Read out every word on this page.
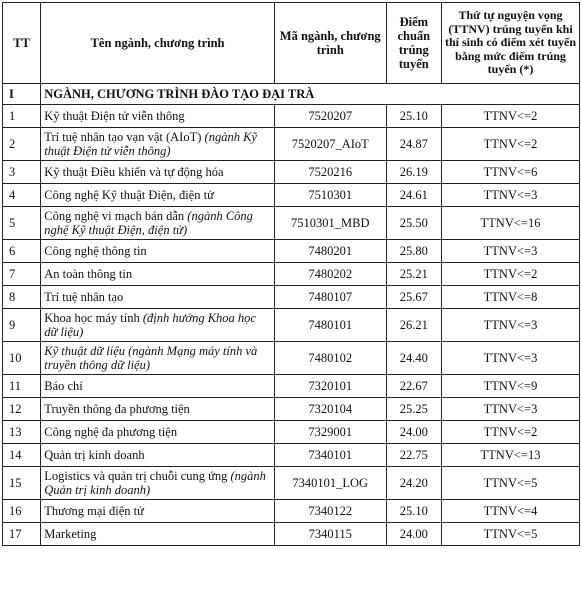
TT	Tên ngành, chương trình	Mã ngành, chương trình	Điểm chuẩn trúng tuyển	Thứ tự nguyện vọng (TTNV) trúng tuyển khi thí sinh có điểm xét tuyển bằng mức điểm trúng tuyển (*)
I	NGÀNH, CHƯƠNG TRÌNH ĐÀO TẠO ĐẠI TRÀ			
1	Kỹ thuật Điện tử viễn thông	7520207	25.10	TTNV<=2
2	Trí tuệ nhân tạo vạn vật (AIoT) (ngành Kỹ thuật Điện tử viễn thông)	7520207_AIoT	24.87	TTNV<=2
3	Kỹ thuật Điều khiển và tự động hóa	7520216	26.19	TTNV<=6
4	Công nghệ Kỹ thuật Điện, điện tử	7510301	24.61	TTNV<=3
5	Công nghệ vi mạch bán dẫn (ngành Công nghệ Kỹ thuật Điện, điện tử)	7510301_MBD	25.50	TTNV<=16
6	Công nghệ thông tin	7480201	25.80	TTNV<=3
7	An toàn thông tin	7480202	25.21	TTNV<=2
8	Trí tuệ nhân tạo	7480107	25.67	TTNV<=8
9	Khoa học máy tính (định hướng Khoa học dữ liệu)	7480101	26.21	TTNV<=3
10	Kỹ thuật dữ liệu (ngành Mạng máy tính và truyền thông dữ liệu)	7480102	24.40	TTNV<=3
11	Báo chí	7320101	22.67	TTNV<=9
12	Truyền thông đa phương tiện	7320104	25.25	TTNV<=3
13	Công nghệ đa phương tiện	7329001	24.00	TTNV<=2
14	Quản trị kinh doanh	7340101	22.75	TTNV<=13
15	Logistics và quản trị chuỗi cung ứng (ngành Quản trị kinh doanh)	7340101_LOG	24.20	TTNV<=5
16	Thương mại điện tử	7340122	25.10	TTNV<=4
17	Marketing	7340115	24.00	TTNV<=5
